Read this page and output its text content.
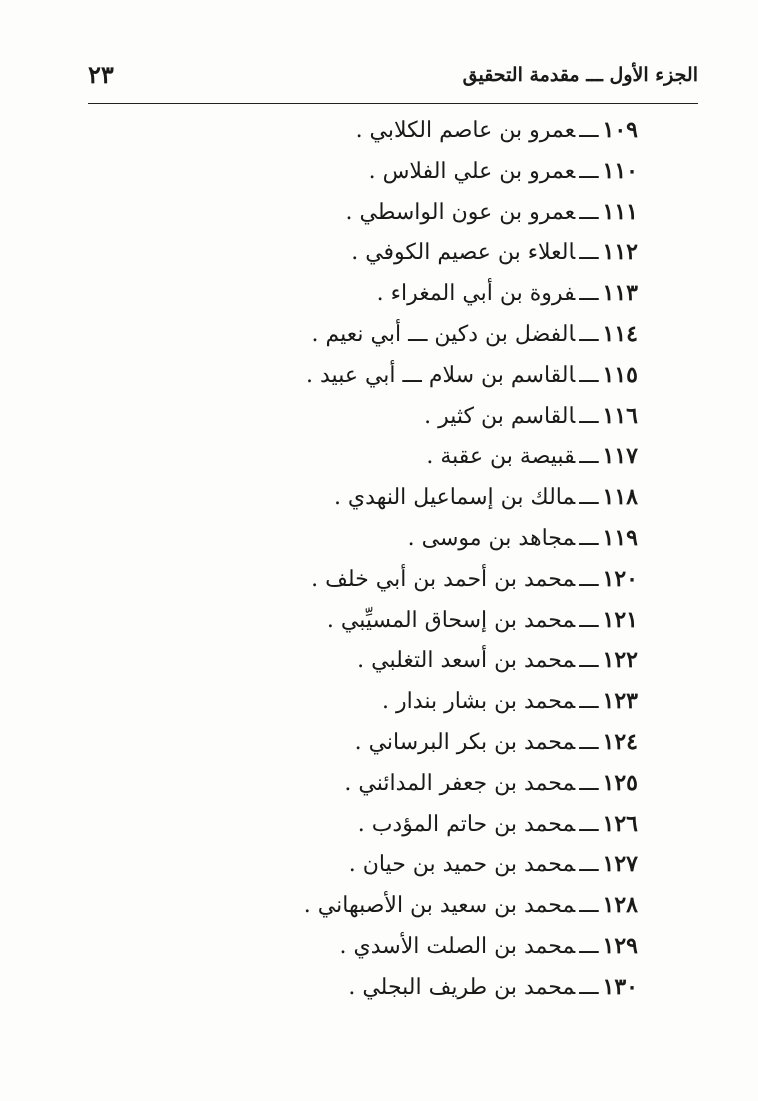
الجزء الأول ـــ مقدمة التحقيق
٢٣
١٠٩ـــعمرو بن عاصم الكلابي .
١١٠ـــعمرو بن علي الفلاس .
١١١ـــعمرو بن عون الواسطي .
١١٢ـــالعلاء بن عصيم الكوفي .
١١٣ـــفروة بن أبي المغراء .
١١٤ـــالفضل بن دكين ـــ أبي نعيم .
١١٥ـــالقاسم بن سلام ـــ أبي عبيد .
١١٦ـــالقاسم بن كثير .
١١٧ـــقبيصة بن عقبة .
١١٨ـــمالك بن إسماعيل النهدي .
١١٩ـــمجاهد بن موسى .
١٢٠ـــمحمد بن أحمد بن أبي خلف .
١٢١ـــمحمد بن إسحاق المسيِّبي .
١٢٢ـــمحمد بن أسعد التغلبي .
١٢٣ـــمحمد بن بشار بندار .
١٢٤ـــمحمد بن بكر البرساني .
١٢٥ـــمحمد بن جعفر المدائني .
١٢٦ـــمحمد بن حاتم المؤدب .
١٢٧ـــمحمد بن حميد بن حيان .
١٢٨ـــمحمد بن سعيد بن الأصبهاني .
١٢٩ـــمحمد بن الصلت الأسدي .
١٣٠ـــمحمد بن طريف البجلي .
